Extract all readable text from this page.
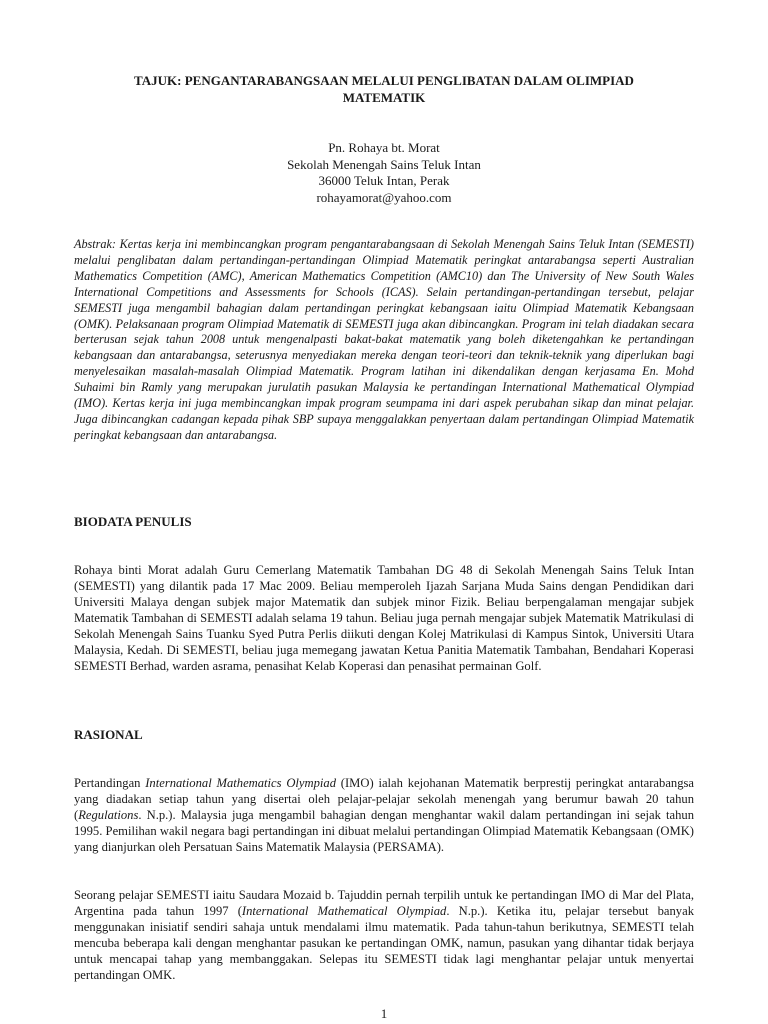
TAJUK: PENGANTARABANGSAAN MELALUI PENGLIBATAN DALAM OLIMPIAD
MATEMATIK
Pn. Rohaya bt. Morat
Sekolah Menengah Sains Teluk Intan
36000 Teluk Intan, Perak
rohayamorat@yahoo.com

Abstrak: Kertas kerja ini membincangkan program pengantarabangsaan di Sekolah Menengah Sains Teluk Intan (SEMESTI) melalui penglibatan dalam pertandingan-pertandingan Olimpiad Matematik peringkat antarabangsa seperti Australian Mathematics Competition (AMC), American Mathematics Competition (AMC10) dan The University of New South Wales International Competitions and Assessments for Schools (ICAS). Selain pertandingan-pertandingan tersebut, pelajar SEMESTI juga mengambil bahagian dalam pertandingan peringkat kebangsaan iaitu Olimpiad Matematik Kebangsaan (OMK). Pelaksanaan program Olimpiad Matematik di SEMESTI juga akan dibincangkan. Program ini telah diadakan secara berterusan sejak tahun 2008 untuk mengenalpasti bakat-bakat matematik yang boleh diketengahkan ke pertandingan kebangsaan dan antarabangsa, seterusnya menyediakan mereka dengan teori-teori dan teknik-teknik yang diperlukan bagi menyelesaikan masalah-masalah Olimpiad Matematik. Program latihan ini dikendalikan dengan kerjasama En. Mohd Suhaimi bin Ramly yang merupakan jurulatih pasukan Malaysia ke pertandingan International Mathematical Olympiad (IMO). Kertas kerja ini juga membincangkan impak program seumpama ini dari aspek perubahan sikap dan minat pelajar. Juga dibincangkan cadangan kepada pihak SBP supaya menggalakkan penyertaan dalam pertandingan Olimpiad Matematik peringkat kebangsaan dan antarabangsa.

BIODATA PENULIS

Rohaya binti Morat adalah Guru Cemerlang Matematik Tambahan DG 48 di Sekolah Menengah Sains Teluk Intan (SEMESTI) yang dilantik pada 17 Mac 2009. Beliau memperoleh Ijazah Sarjana Muda Sains dengan Pendidikan dari Universiti Malaya dengan subjek major Matematik dan subjek minor Fizik. Beliau berpengalaman mengajar subjek Matematik Tambahan di SEMESTI adalah selama 19 tahun. Beliau juga pernah mengajar subjek Matematik Matrikulasi di Sekolah Menengah Sains Tuanku Syed Putra Perlis diikuti dengan Kolej Matrikulasi di Kampus Sintok, Universiti Utara Malaysia, Kedah. Di SEMESTI, beliau juga memegang jawatan Ketua Panitia Matematik Tambahan, Bendahari Koperasi SEMESTI Berhad, warden asrama, penasihat Kelab Koperasi dan penasihat permainan Golf.

RASIONAL

Pertandingan International Mathematics Olympiad (IMO) ialah kejohanan Matematik berprestij peringkat antarabangsa yang diadakan setiap tahun yang disertai oleh pelajar-pelajar sekolah menengah yang berumur bawah 20 tahun (Regulations. N.p.). Malaysia juga mengambil bahagian dengan menghantar wakil dalam pertandingan ini sejak tahun 1995. Pemilihan wakil negara bagi pertandingan ini dibuat melalui pertandingan Olimpiad Matematik Kebangsaan (OMK) yang dianjurkan oleh Persatuan Sains Matematik Malaysia (PERSAMA).

Seorang pelajar SEMESTI iaitu Saudara Mozaid b. Tajuddin pernah terpilih untuk ke pertandingan IMO di Mar del Plata, Argentina pada tahun 1997 (International Mathematical Olympiad. N.p.). Ketika itu, pelajar tersebut banyak menggunakan inisiatif sendiri sahaja untuk mendalami ilmu matematik. Pada tahun-tahun berikutnya, SEMESTI telah mencuba beberapa kali dengan menghantar pasukan ke pertandingan OMK, namun, pasukan yang dihantar tidak berjaya untuk mencapai tahap yang membanggakan. Selepas itu SEMESTI tidak lagi menghantar pelajar untuk menyertai pertandingan OMK.

1
